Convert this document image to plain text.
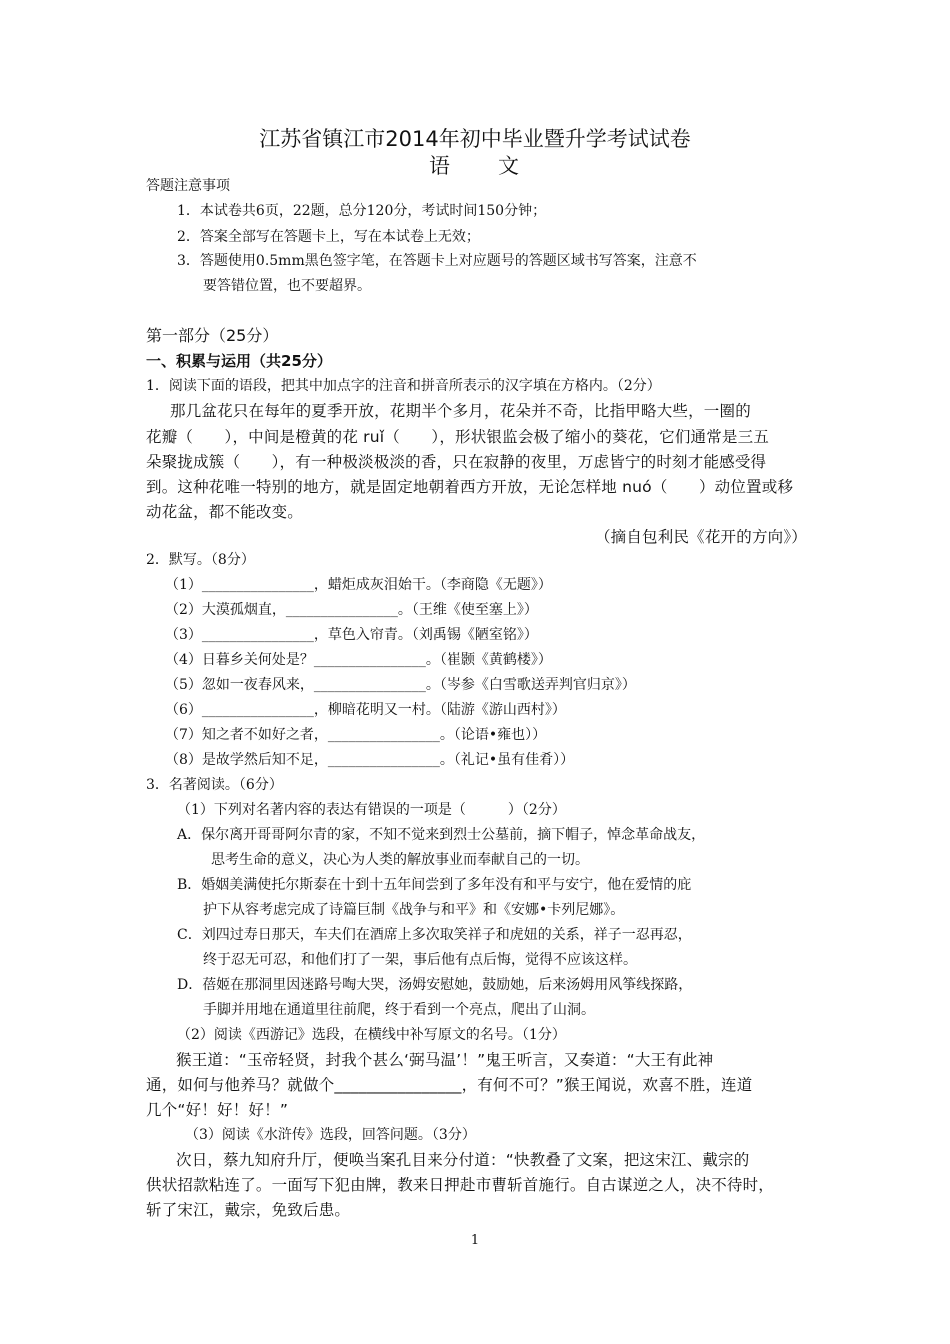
江苏省镇江市2014年初中毕业暨升学考试试卷
语　　文
答题注意事项
1．本试卷共6页，22题，总分120分，考试时间150分钟；
2．答案全部写在答题卡上，写在本试卷上无效；
3．答题使用0.5mm黑色签字笔，在答题卡上对应题号的答题区域书写答案，注意不
要答错位置，也不要超界。
第一部分（25分）
一、积累与运用（共25分）
1．阅读下面的语段，把其中加点字的注音和拼音所表示的汉字填在方格内。（2分）
那几盆花只在每年的夏季开放，花期半个多月，花朵并不奇，比指甲略大些，一圈的
花瓣（　　），中间是橙黄的花 ruǐ（　　），形状银监会极了缩小的葵花，它们通常是三五
朵聚拢成簇（　　），有一种极淡极淡的香，只在寂静的夜里，万虑皆宁的时刻才能感受得
到。这种花唯一特别的地方，就是固定地朝着西方开放，无论怎样地 nuó（　　）动位置或移
动花盆，都不能改变。
（摘自包利民《花开的方向》）
2．默写。（8分）
（1）________________，蜡炬成灰泪始干。（李商隐《无题》）
（2）大漠孤烟直，________________。（王维《使至塞上》）
（3）________________，草色入帘青。（刘禹锡《陋室铭》）
（4）日暮乡关何处是？________________。（崔颢《黄鹤楼》）
（5）忽如一夜春风来，________________。（岑参《白雪歌送弄判官归京》）
（6）________________，柳暗花明又一村。（陆游《游山西村》）
（7）知之者不如好之者，________________。（论语•雍也））
（8）是故学然后知不足，________________。（礼记•虽有佳肴））
3．名著阅读。（6分）
（1）下列对名著内容的表达有错误的一项是（　　　）（2分）
A．保尔离开哥哥阿尔青的家，不知不觉来到烈士公墓前，摘下帽子，悼念革命战友，
思考生命的意义，决心为人类的解放事业而奉献自己的一切。
B．婚姻美满使托尔斯泰在十到十五年间尝到了多年没有和平与安宁，他在爱情的庇
护下从容考虑完成了诗篇巨制《战争与和平》和《安娜•卡列尼娜》。
C．刘四过寿日那天，车夫们在酒席上多次取笑祥子和虎妞的关系，祥子一忍再忍，
终于忍无可忍，和他们打了一架，事后他有点后悔，觉得不应该这样。
D．蓓姬在那洞里因迷路号啕大哭，汤姆安慰她，鼓励她，后来汤姆用风筝线探路，
手脚并用地在通道里往前爬，终于看到一个亮点，爬出了山洞。
（2）阅读《西游记》选段，在横线中补写原文的名号。（1分）
猴王道：“玉帝轻贤，封我个甚么‘弼马温’！”鬼王听言，又奏道：“大王有此神
通，如何与他养马？就做个________________，有何不可？”猴王闻说，欢喜不胜，连道
几个“好！好！好！”
（3）阅读《水浒传》选段，回答问题。（3分）
次日，蔡九知府升厅，便唤当案孔目来分付道：“快教叠了文案，把这宋江、戴宗的
供状招款粘连了。一面写下犯由牌，教来日押赴市曹斩首施行。自古谋逆之人，决不待时，
斩了宋江，戴宗，免致后患。
1
